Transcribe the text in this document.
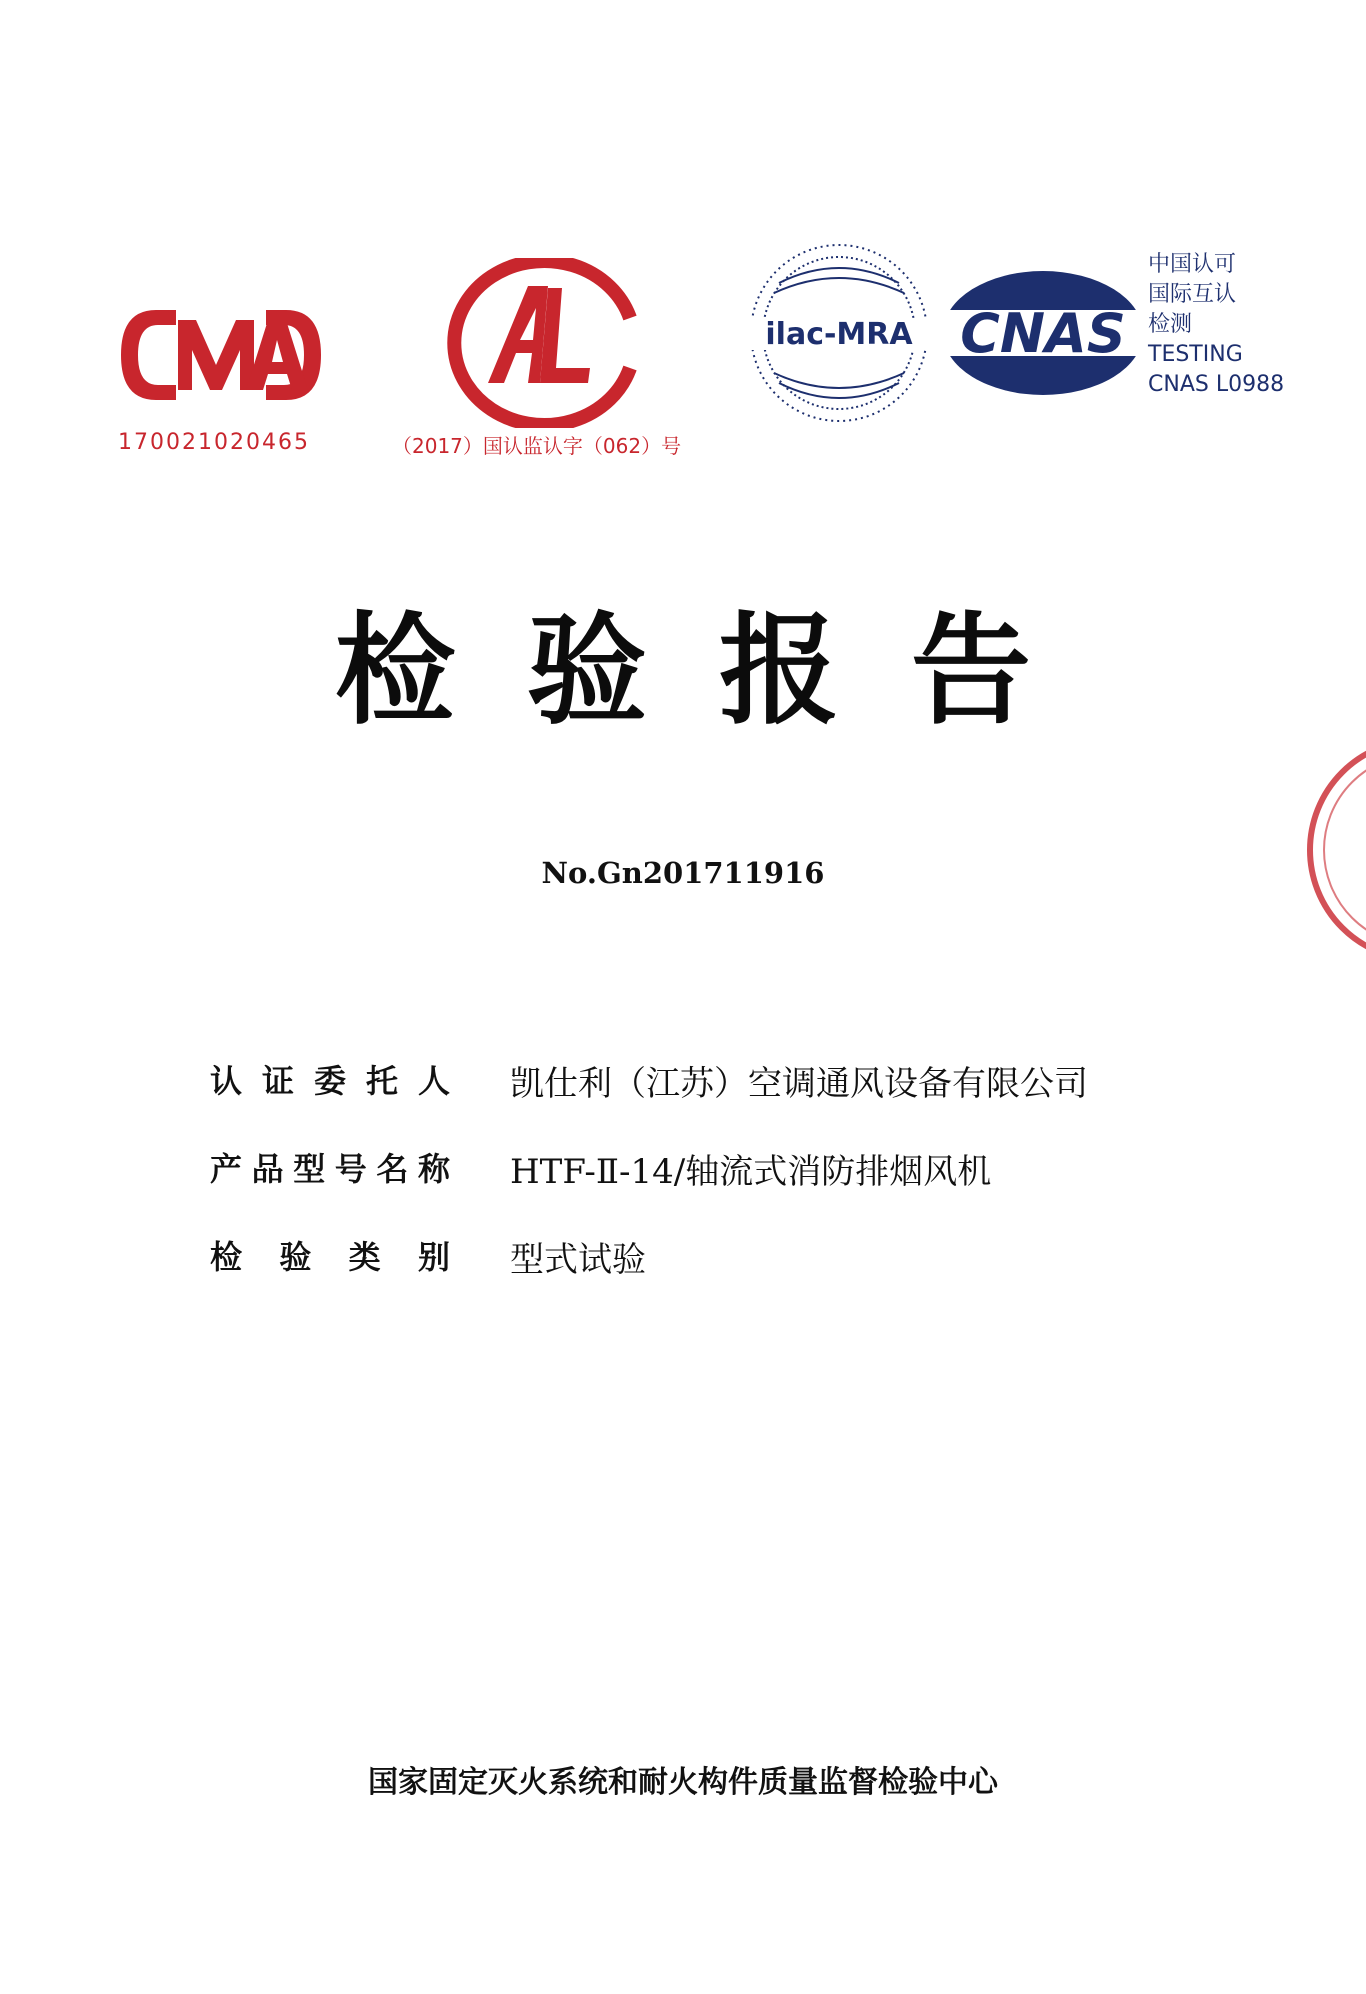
170021020465	（2017）国认监认字（062）号
ilac-MRA CNAS
中国认可
国际互认
检测
TESTING
CNAS L0988
检验报告
No.Gn201711916
认 证 委 托 人 凯仕利（江苏）空调通风设备有限公司
产 品 型 号 名 称 HTF-Ⅱ-14/轴流式消防排烟风机
检 验 类 别 型式试验
国家固定灭火系统和耐火构件质量监督检验中心
